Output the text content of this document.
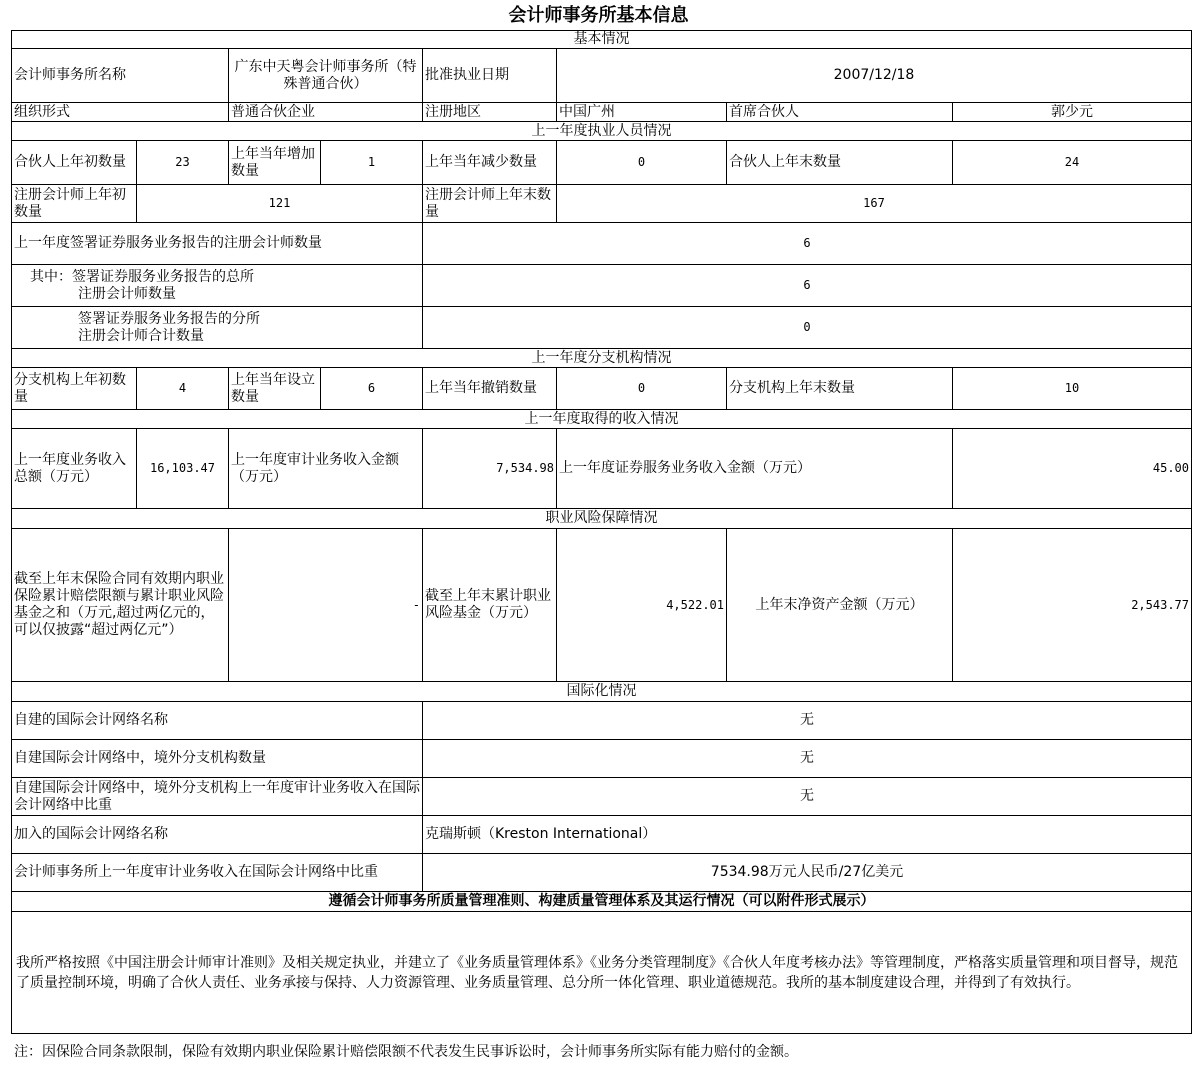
会计师事务所基本信息
基本情况							
会计师事务所名称		广东中天粤会计师事务所（特殊普通合伙）		批准执业日期	2007/12/18		
组织形式		普通合伙企业		注册地区	中国广州	首席合伙人	郭少元
上一年度执业人员情况							
合伙人上年初数量	23	上年当年增加数量	1	上年当年减少数量	0	合伙人上年末数量	24
注册会计师上年初数量	121			注册会计师上年末数量	167		
上一年度签署证券服务业务报告的注册会计师数量				6			

其中：签署证券服务业务报告的总所
注册会计师数量				6			

签署证券服务业务报告的分所
注册会计师合计数量				0			
上一年度分支机构情况							
分支机构上年初数量	4	上年当年设立数量	6	上年当年撤销数量	0	分支机构上年末数量	10
上一年度取得的收入情况							
上一年度业务收入总额（万元）	16,103.47	上一年度审计业务收入金额（万元）		7,534.98	上一年度证券服务业务收入金额（万元）		45.00
职业风险保障情况							
截至上年末保险合同有效期内职业保险累计赔偿限额与累计职业风险基金之和（万元,超过两亿元的，可以仅披露“超过两亿元”）		-		截至上年末累计职业风险基金（万元）	4,522.01	上年末净资产金额（万元）	2,543.77
国际化情况							
自建的国际会计网络名称				无			
自建国际会计网络中，境外分支机构数量				无			
自建国际会计网络中，境外分支机构上一年度审计业务收入在国际会计网络中比重				无			
加入的国际会计网络名称				克瑞斯顿（Kreston International）			
会计师事务所上一年度审计业务收入在国际会计网络中比重				7534.98万元人民币/27亿美元			
遵循会计师事务所质量管理准则、构建质量管理体系及其运行情况（可以附件形式展示）							
我所严格按照《中国注册会计师审计准则》及相关规定执业，并建立了《业务质量管理体系》《业务分类管理制度》《合伙人年度考核办法》等管理制度，严格落实质量管理和项目督导，规范了质量控制环境，明确了合伙人责任、业务承接与保持、人力资源管理、业务质量管理、总分所一体化管理、职业道德规范。我所的基本制度建设合理，并得到了有效执行。							
注：因保险合同条款限制，保险有效期内职业保险累计赔偿限额不代表发生民事诉讼时，会计师事务所实际有能力赔付的金额。
